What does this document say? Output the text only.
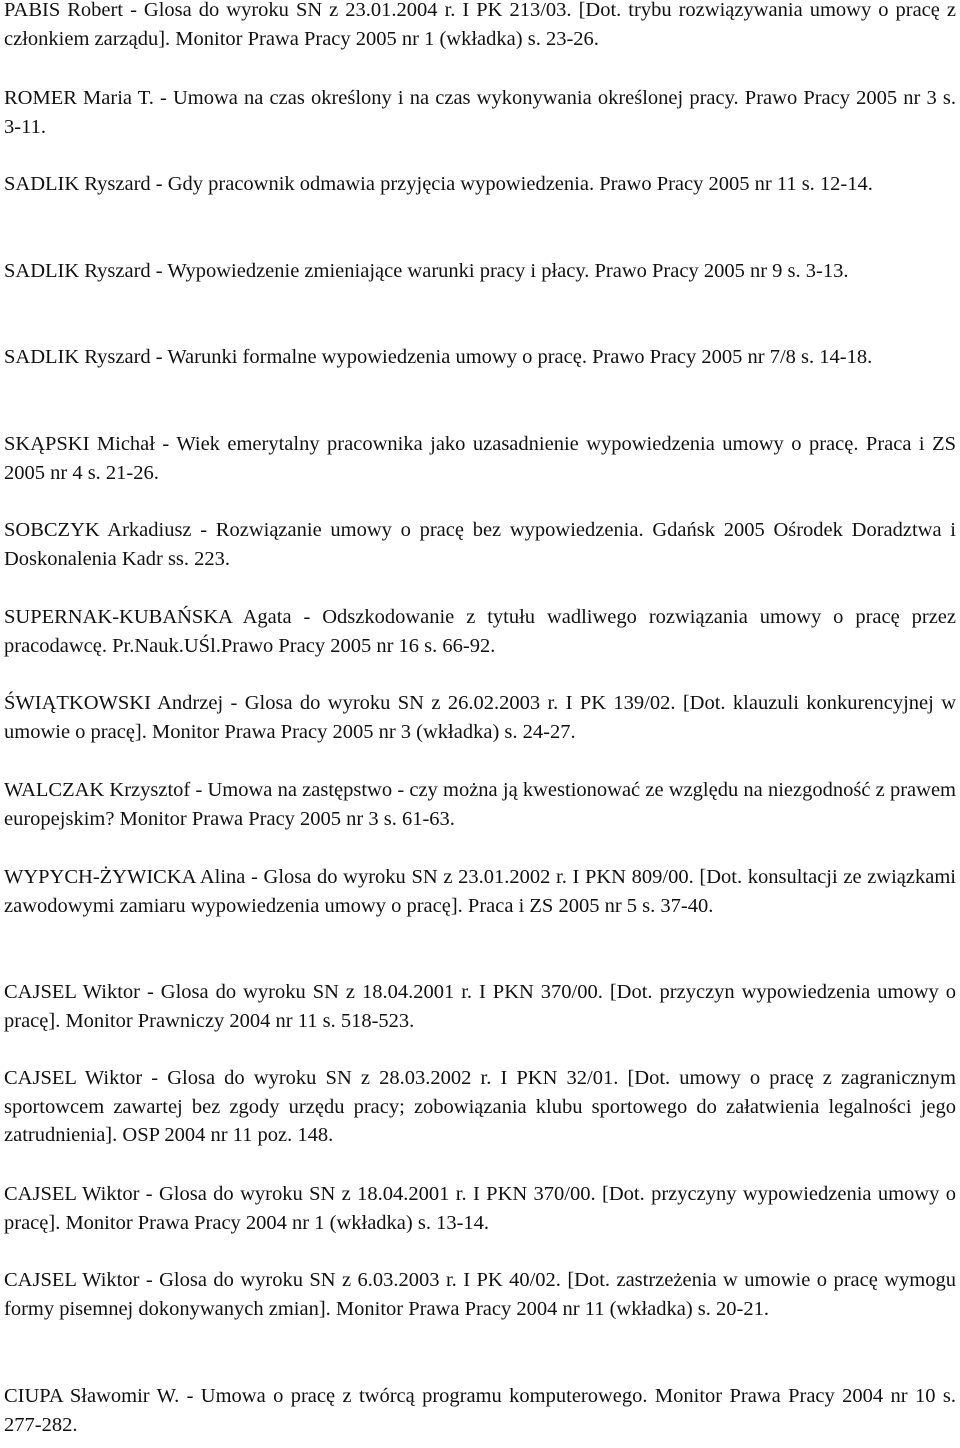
PABIS Robert - Glosa do wyroku SN z 23.01.2004 r. I PK 213/03. [Dot. trybu rozwiązywania umowy o pracę z członkiem zarządu]. Monitor Prawa Pracy 2005 nr 1 (wkładka) s. 23-26.

ROMER Maria T. - Umowa na czas określony i na czas wykonywania określonej pracy. Prawo Pracy 2005 nr 3 s. 3-11.

SADLIK Ryszard - Gdy pracownik odmawia przyjęcia wypowiedzenia. Prawo Pracy 2005 nr 11 s. 12-14.

SADLIK Ryszard - Wypowiedzenie zmieniające warunki pracy i płacy. Prawo Pracy 2005 nr 9 s. 3-13.

SADLIK Ryszard - Warunki formalne wypowiedzenia umowy o pracę. Prawo Pracy 2005 nr 7/8 s. 14-18.

SKĄPSKI Michał - Wiek emerytalny pracownika jako uzasadnienie wypowiedzenia umowy o pracę. Praca i ZS 2005 nr 4 s. 21-26.

SOBCZYK Arkadiusz - Rozwiązanie umowy o pracę bez wypowiedzenia. Gdańsk 2005 Ośrodek Doradztwa i Doskonalenia Kadr ss. 223.

SUPERNAK-KUBAŃSKA Agata - Odszkodowanie z tytułu wadliwego rozwiązania umowy o pracę przez pracodawcę. Pr.Nauk.UŚl.Prawo Pracy 2005 nr 16 s. 66-92.

ŚWIĄTKOWSKI Andrzej - Glosa do wyroku SN z 26.02.2003 r. I PK 139/02. [Dot. klauzuli konkurencyjnej w umowie o pracę]. Monitor Prawa Pracy 2005 nr 3 (wkładka) s. 24-27.

WALCZAK Krzysztof - Umowa na zastępstwo - czy można ją kwestionować ze względu na niezgodność z prawem europejskim? Monitor Prawa Pracy 2005 nr 3 s. 61-63.

WYPYCH-ŻYWICKA Alina - Glosa do wyroku SN z 23.01.2002 r. I PKN 809/00. [Dot. konsultacji ze związkami zawodowymi zamiaru wypowiedzenia umowy o pracę]. Praca i ZS 2005 nr 5 s. 37-40.

CAJSEL Wiktor - Glosa do wyroku SN z 18.04.2001 r. I PKN 370/00. [Dot. przyczyn wypowiedzenia umowy o pracę]. Monitor Prawniczy 2004 nr 11 s. 518-523.

CAJSEL Wiktor - Glosa do wyroku SN z 28.03.2002 r. I PKN 32/01. [Dot. umowy o pracę z zagranicznym sportowcem zawartej bez zgody urzędu pracy; zobowiązania klubu sportowego do załatwienia legalności jego zatrudnienia]. OSP 2004 nr 11 poz. 148.

CAJSEL Wiktor - Glosa do wyroku SN z 18.04.2001 r. I PKN 370/00. [Dot. przyczyny wypowiedzenia umowy o pracę]. Monitor Prawa Pracy 2004 nr 1 (wkładka) s. 13-14.

CAJSEL Wiktor - Glosa do wyroku SN z 6.03.2003 r. I PK 40/02. [Dot. zastrzeżenia w umowie o pracę wymogu formy pisemnej dokonywanych zmian]. Monitor Prawa Pracy 2004 nr 11 (wkładka) s. 20-21.

CIUPA Sławomir W. - Umowa o pracę z twórcą programu komputerowego. Monitor Prawa Pracy 2004 nr 10 s. 277-282.
